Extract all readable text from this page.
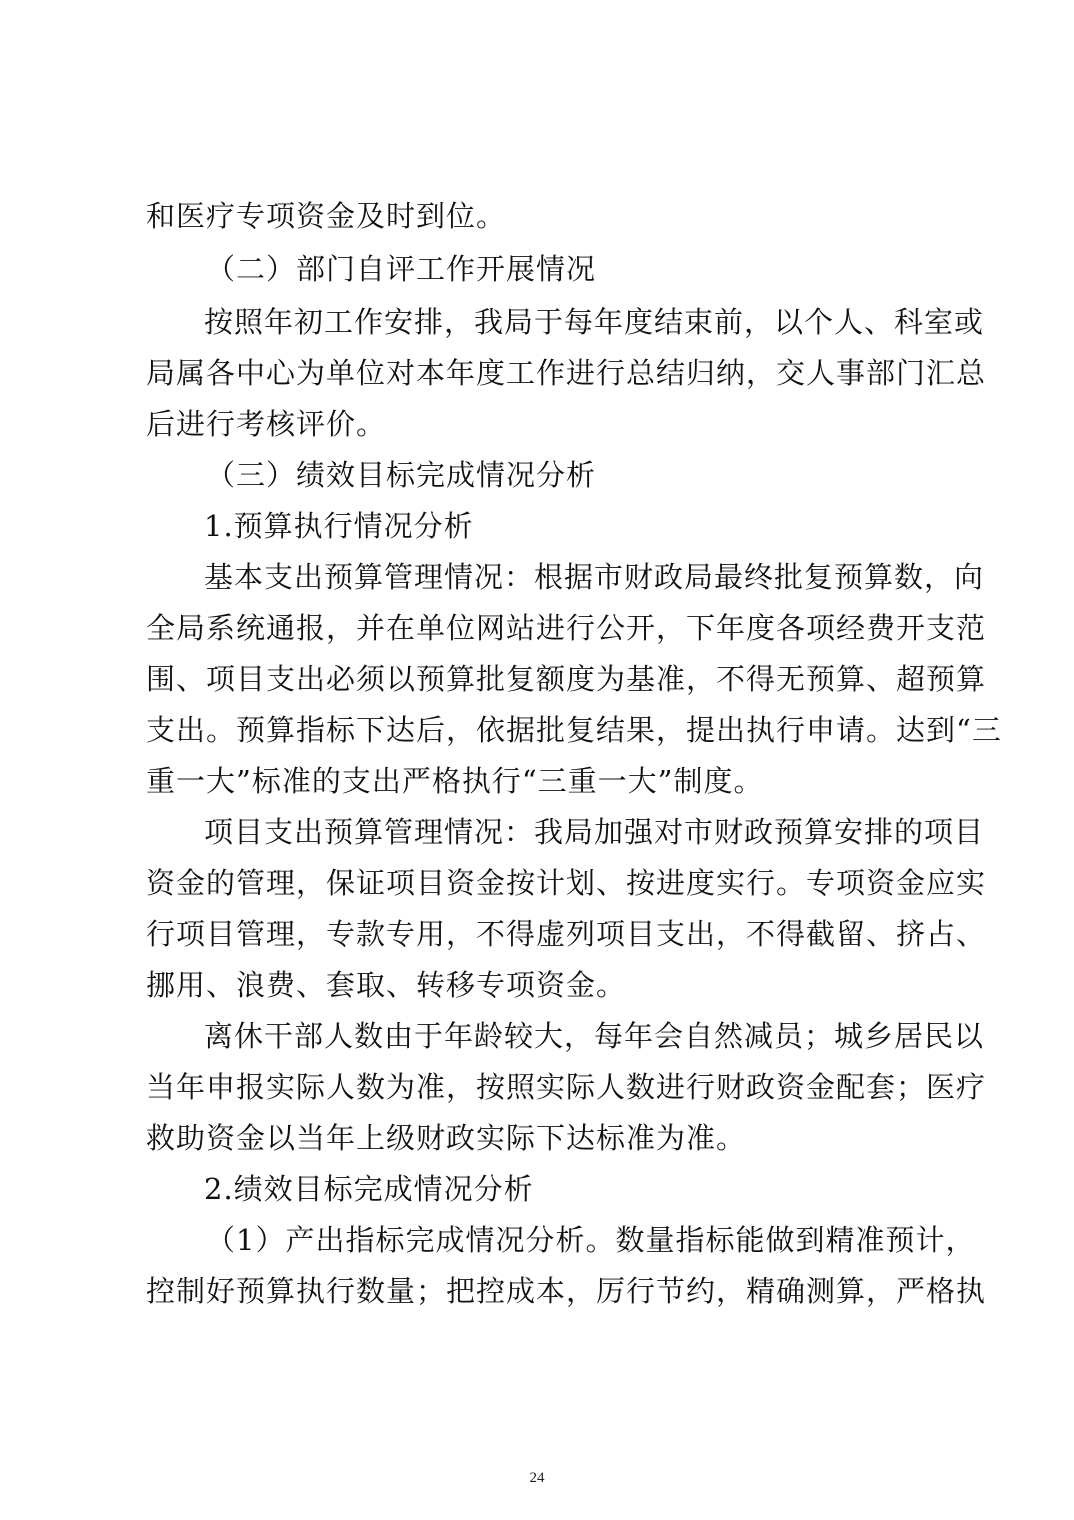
和医疗专项资金及时到位。
（二）部门自评工作开展情况
按照年初工作安排，我局于每年度结束前，以个人、科室或
局属各中心为单位对本年度工作进行总结归纳，交人事部门汇总
后进行考核评价。
（三）绩效目标完成情况分析
1.预算执行情况分析
基本支出预算管理情况：根据市财政局最终批复预算数，向
全局系统通报，并在单位网站进行公开，下年度各项经费开支范
围、项目支出必须以预算批复额度为基准，不得无预算、超预算
支出。预算指标下达后，依据批复结果，提出执行申请。达到“三
重一大”标准的支出严格执行“三重一大”制度。
项目支出预算管理情况：我局加强对市财政预算安排的项目
资金的管理，保证项目资金按计划、按进度实行。专项资金应实
行项目管理，专款专用，不得虚列项目支出，不得截留、挤占、
挪用、浪费、套取、转移专项资金。
离休干部人数由于年龄较大，每年会自然减员；城乡居民以
当年申报实际人数为准，按照实际人数进行财政资金配套；医疗
救助资金以当年上级财政实际下达标准为准。
2.绩效目标完成情况分析
（1）产出指标完成情况分析。数量指标能做到精准预计，
控制好预算执行数量；把控成本，厉行节约，精确测算，严格执
24
